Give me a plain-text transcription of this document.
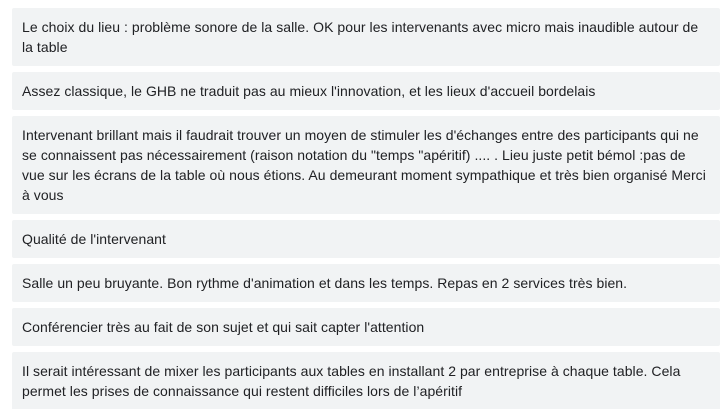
Le choix du lieu : problème sonore de la salle. OK pour les intervenants avec micro mais inaudible autour de la table
Assez classique, le GHB ne traduit pas au mieux l'innovation, et les lieux d'accueil bordelais
Intervenant brillant mais il faudrait trouver un moyen de stimuler les d'échanges entre des participants qui ne se connaissent pas nécessairement (raison notation du "temps "apéritif) .... . Lieu juste petit bémol :pas de vue sur les écrans de la table où nous étions. Au demeurant moment sympathique et très bien organisé Merci à vous
Qualité de l'intervenant
Salle un peu bruyante. Bon rythme d'animation et dans les temps. Repas en 2 services très bien.
Conférencier très au fait de son sujet et qui sait capter l'attention
Il serait intéressant de mixer les participants aux tables en installant 2 par entreprise à chaque table. Cela permet les prises de connaissance qui restent difficiles lors de l’apéritif
